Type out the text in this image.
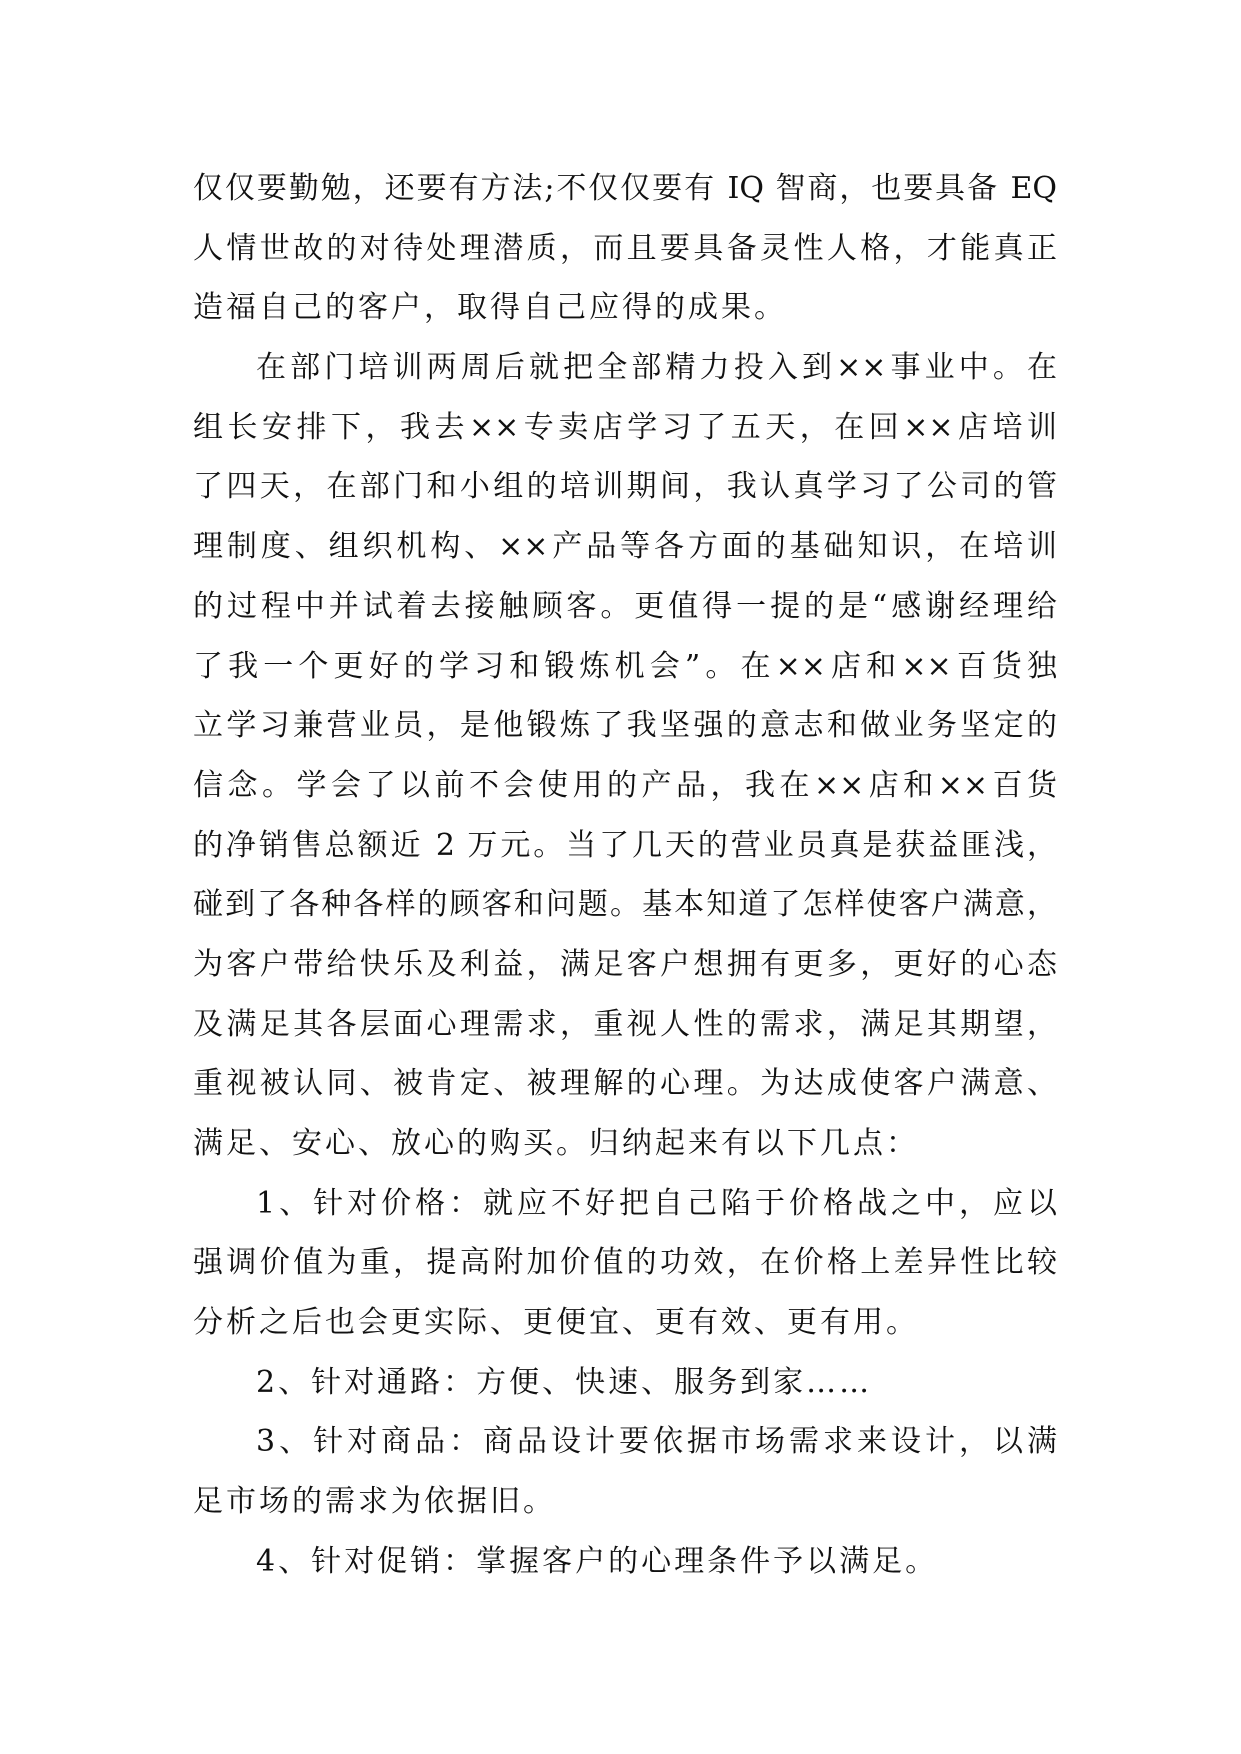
仅仅要勤勉，还要有方法;不仅仅要有 IQ 智商，也要具备 EQ
人情世故的对待处理潜质，而且要具备灵性人格，才能真正
造福自己的客户，取得自己应得的成果。
在部门培训两周后就把全部精力投入到××事业中。在
组长安排下，我去××专卖店学习了五天，在回××店培训
了四天，在部门和小组的培训期间，我认真学习了公司的管
理制度、组织机构、××产品等各方面的基础知识，在培训
的过程中并试着去接触顾客。更值得一提的是“感谢经理给
了我一个更好的学习和锻炼机会”。在××店和××百货独
立学习兼营业员，是他锻炼了我坚强的意志和做业务坚定的
信念。学会了以前不会使用的产品，我在××店和××百货
的净销售总额近 2 万元。当了几天的营业员真是获益匪浅，
碰到了各种各样的顾客和问题。基本知道了怎样使客户满意，
为客户带给快乐及利益，满足客户想拥有更多，更好的心态
及满足其各层面心理需求，重视人性的需求，满足其期望，
重视被认同、被肯定、被理解的心理。为达成使客户满意、
满足、安心、放心的购买。归纳起来有以下几点：
1、针对价格：就应不好把自己陷于价格战之中，应以
强调价值为重，提高附加价值的功效，在价格上差异性比较
分析之后也会更实际、更便宜、更有效、更有用。
2、针对通路：方便、快速、服务到家……
3、针对商品：商品设计要依据市场需求来设计，以满
足市场的需求为依据旧。
4、针对促销：掌握客户的心理条件予以满足。
